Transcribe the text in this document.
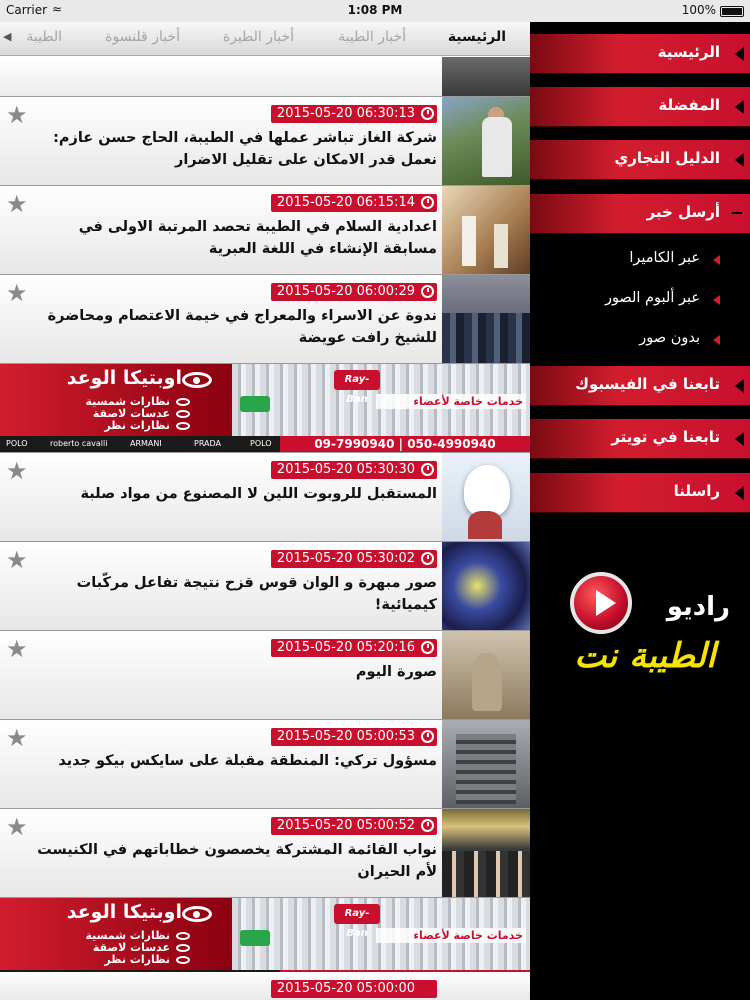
Carrier ≈	1:08 PM	100%
◀	الرئيسية
أخبار الطيبة
أخبار الطيرة
أخبار قلنسوة
الطيبة
★	2015-05-20 06:30:13
شركة الغاز تباشر عملها في الطيبة، الحاج حسن عازم: نعمل قدر الامكان على تقليل الاضرار
★	2015-05-20 06:15:14
اعدادية السلام في الطيبة تحصد المرتبة الاولى في مسابقة الإنشاء في اللغة العبرية
★	2015-05-20 06:00:29
ندوة عن الاسراء والمعراج في خيمة الاعتصام ومحاضرة للشيخ رافت عويضة
اوبتيكا الوعد
نظارات شمسية
عدسات لاصقة
نظارات نظر
Ray-Ban	خدمات خاصة لأعضاء
POLO	roberto cavalli	ARMANI	PRADA	POLO	09-7990940 | 050-4990940
★	2015-05-20 05:30:30
المستقبل للروبوت اللين لا المصنوع من مواد صلبة
★	2015-05-20 05:30:02
صور مبهرة و الوان قوس قزح نتيجة تفاعل مركّبات كيميائية!
★	2015-05-20 05:20:16
صورة اليوم
★	2015-05-20 05:00:53
مسؤول تركي: المنطقة مقبلة على سايكس بيكو جديد
★	2015-05-20 05:00:52
نواب القائمة المشتركة يخصصون خطاباتهم في الكنيست لأم الحيران
اوبتيكا الوعد
نظارات شمسية
عدسات لاصقة
نظارات نظر
Ray-Ban	خدمات خاصة لأعضاء
2015-05-20 05:00:00
الرئيسية
المفضلة
الدليل التجاري
أرسل خبر
عبر الكاميرا
عبر ألبوم الصور
بدون صور
تابعنا في الفيسبوك
تابعنا في تويتر
راسلنا
راديو
الطيبة نت
